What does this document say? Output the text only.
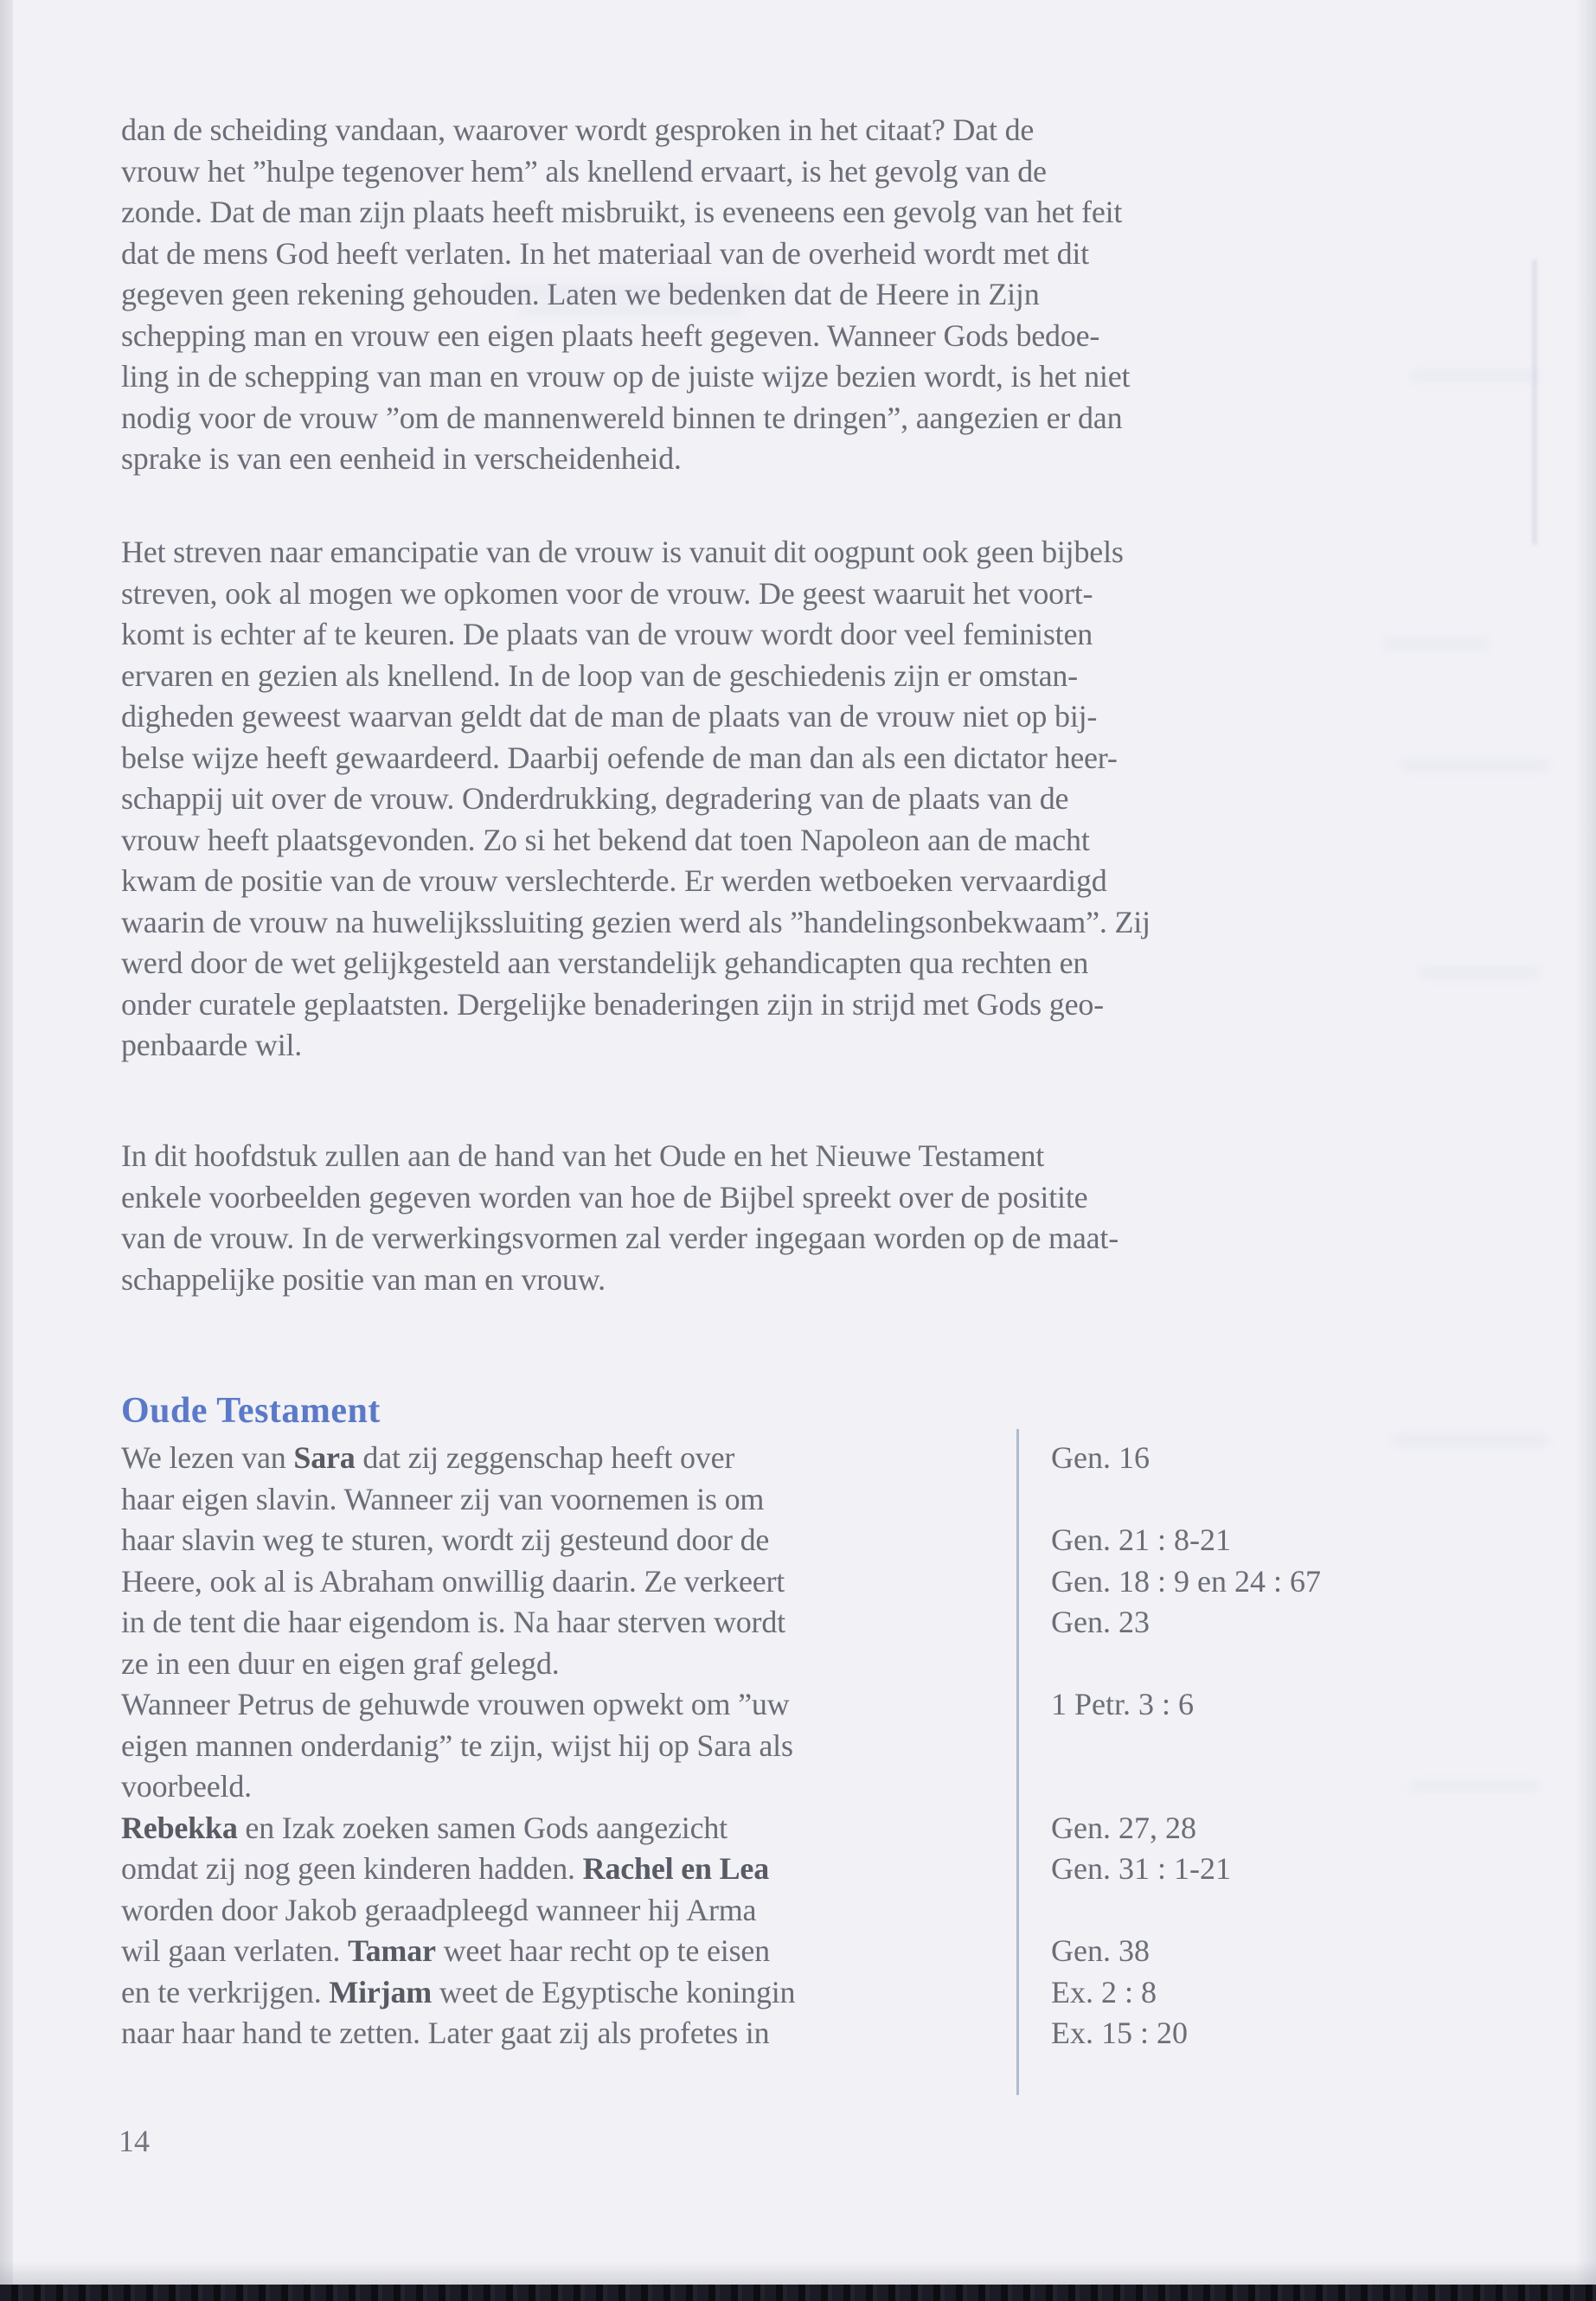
dan de scheiding vandaan, waarover wordt gesproken in het citaat? Dat de
vrouw het ”hulpe tegenover hem” als knellend ervaart, is het gevolg van de
zonde. Dat de man zijn plaats heeft misbruikt, is eveneens een gevolg van het feit
dat de mens God heeft verlaten. In het materiaal van de overheid wordt met dit
gegeven geen rekening gehouden. Laten we bedenken dat de Heere in Zijn
schepping man en vrouw een eigen plaats heeft gegeven. Wanneer Gods bedoe-
ling in de schepping van man en vrouw op de juiste wijze bezien wordt, is het niet
nodig voor de vrouw ”om de mannenwereld binnen te dringen”, aangezien er dan
sprake is van een eenheid in verscheidenheid.
Het streven naar emancipatie van de vrouw is vanuit dit oogpunt ook geen bijbels
streven, ook al mogen we opkomen voor de vrouw. De geest waaruit het voort-
komt is echter af te keuren. De plaats van de vrouw wordt door veel feministen
ervaren en gezien als knellend. In de loop van de geschiedenis zijn er omstan-
digheden geweest waarvan geldt dat de man de plaats van de vrouw niet op bij-
belse wijze heeft gewaardeerd. Daarbij oefende de man dan als een dictator heer-
schappij uit over de vrouw. Onderdrukking, degradering van de plaats van de
vrouw heeft plaatsgevonden. Zo si het bekend dat toen Napoleon aan de macht
kwam de positie van de vrouw verslechterde. Er werden wetboeken vervaardigd
waarin de vrouw na huwelijkssluiting gezien werd als ”handelingsonbekwaam”. Zij
werd door de wet gelijkgesteld aan verstandelijk gehandicapten qua rechten en
onder curatele geplaatsten. Dergelijke benaderingen zijn in strijd met Gods geo-
penbaarde wil.
In dit hoofdstuk zullen aan de hand van het Oude en het Nieuwe Testament
enkele voorbeelden gegeven worden van hoe de Bijbel spreekt over de positite
van de vrouw. In de verwerkingsvormen zal verder ingegaan worden op de maat-
schappelijke positie van man en vrouw.
Oude Testament
We lezen van Sara dat zij zeggenschap heeft over	Gen. 16
haar eigen slavin. Wanneer zij van voornemen is om
haar slavin weg te sturen, wordt zij gesteund door de	Gen. 21 : 8-21
Heere, ook al is Abraham onwillig daarin. Ze verkeert	Gen. 18 : 9 en 24 : 67
in de tent die haar eigendom is. Na haar sterven wordt	Gen. 23
ze in een duur en eigen graf gelegd.
Wanneer Petrus de gehuwde vrouwen opwekt om ”uw	1 Petr. 3 : 6
eigen mannen onderdanig” te zijn, wijst hij op Sara als
voorbeeld.
Rebekka en Izak zoeken samen Gods aangezicht	Gen. 27, 28
omdat zij nog geen kinderen hadden. Rachel en Lea	Gen. 31 : 1-21
worden door Jakob geraadpleegd wanneer hij Arma
wil gaan verlaten. Tamar weet haar recht op te eisen	Gen. 38
en te verkrijgen. Mirjam weet de Egyptische koningin	Ex. 2 : 8
naar haar hand te zetten. Later gaat zij als profetes in	Ex. 15 : 20
14
